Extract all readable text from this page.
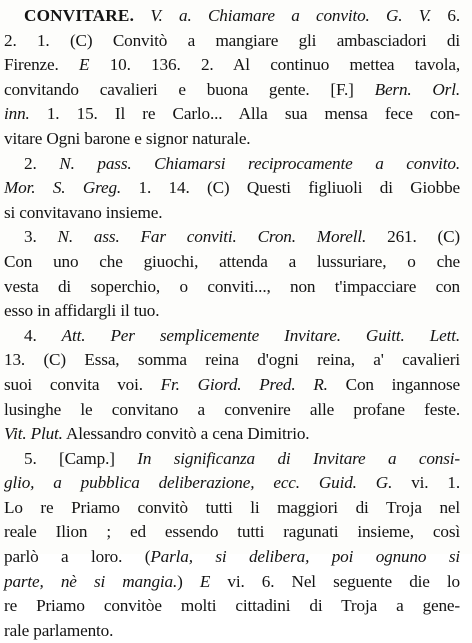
CONVITARE. V. a. Chiamare a convito. G. V. 6.
2. 1. (C) Convitò a mangiare gli ambasciadori di
Firenze. E 10. 136. 2. Al continuo mettea tavola,
convitando cavalieri e buona gente. [F.] Bern. Orl.
inn. 1. 15. Il re Carlo... Alla sua mensa fece con-
vitare Ogni barone e signor naturale.
2. N. pass. Chiamarsi reciprocamente a convito.
Mor. S. Greg. 1. 14. (C) Questi figliuoli di Giobbe
si convitavano insieme.
3. N. ass. Far conviti. Cron. Morell. 261. (C)
Con uno che giuochi, attenda a lussuriare, o che
vesta di soperchio, o conviti..., non t'impacciare con
esso in affidargli il tuo.
4. Att. Per semplicemente Invitare. Guitt. Lett.
13. (C) Essa, somma reina d'ogni reina, a' cavalieri
suoi convita voi. Fr. Giord. Pred. R. Con ingannose
lusinghe le convitano a convenire alle profane feste.
Vit. Plut. Alessandro convitò a cena Dimitrio.
5. [Camp.] In significanza di Invitare a consi-
glio, a pubblica deliberazione, ecc. Guid. G. vi. 1.
Lo re Priamo convitò tutti li maggiori di Troja nel
reale Ilion ; ed essendo tutti ragunati insieme, così
parlò a loro. (Parla, si delibera, poi ognuno si
parte, nè si mangia.) E vi. 6. Nel seguente die lo
re Priamo convitòe molti cittadini di Troja a gene-
rale parlamento.
